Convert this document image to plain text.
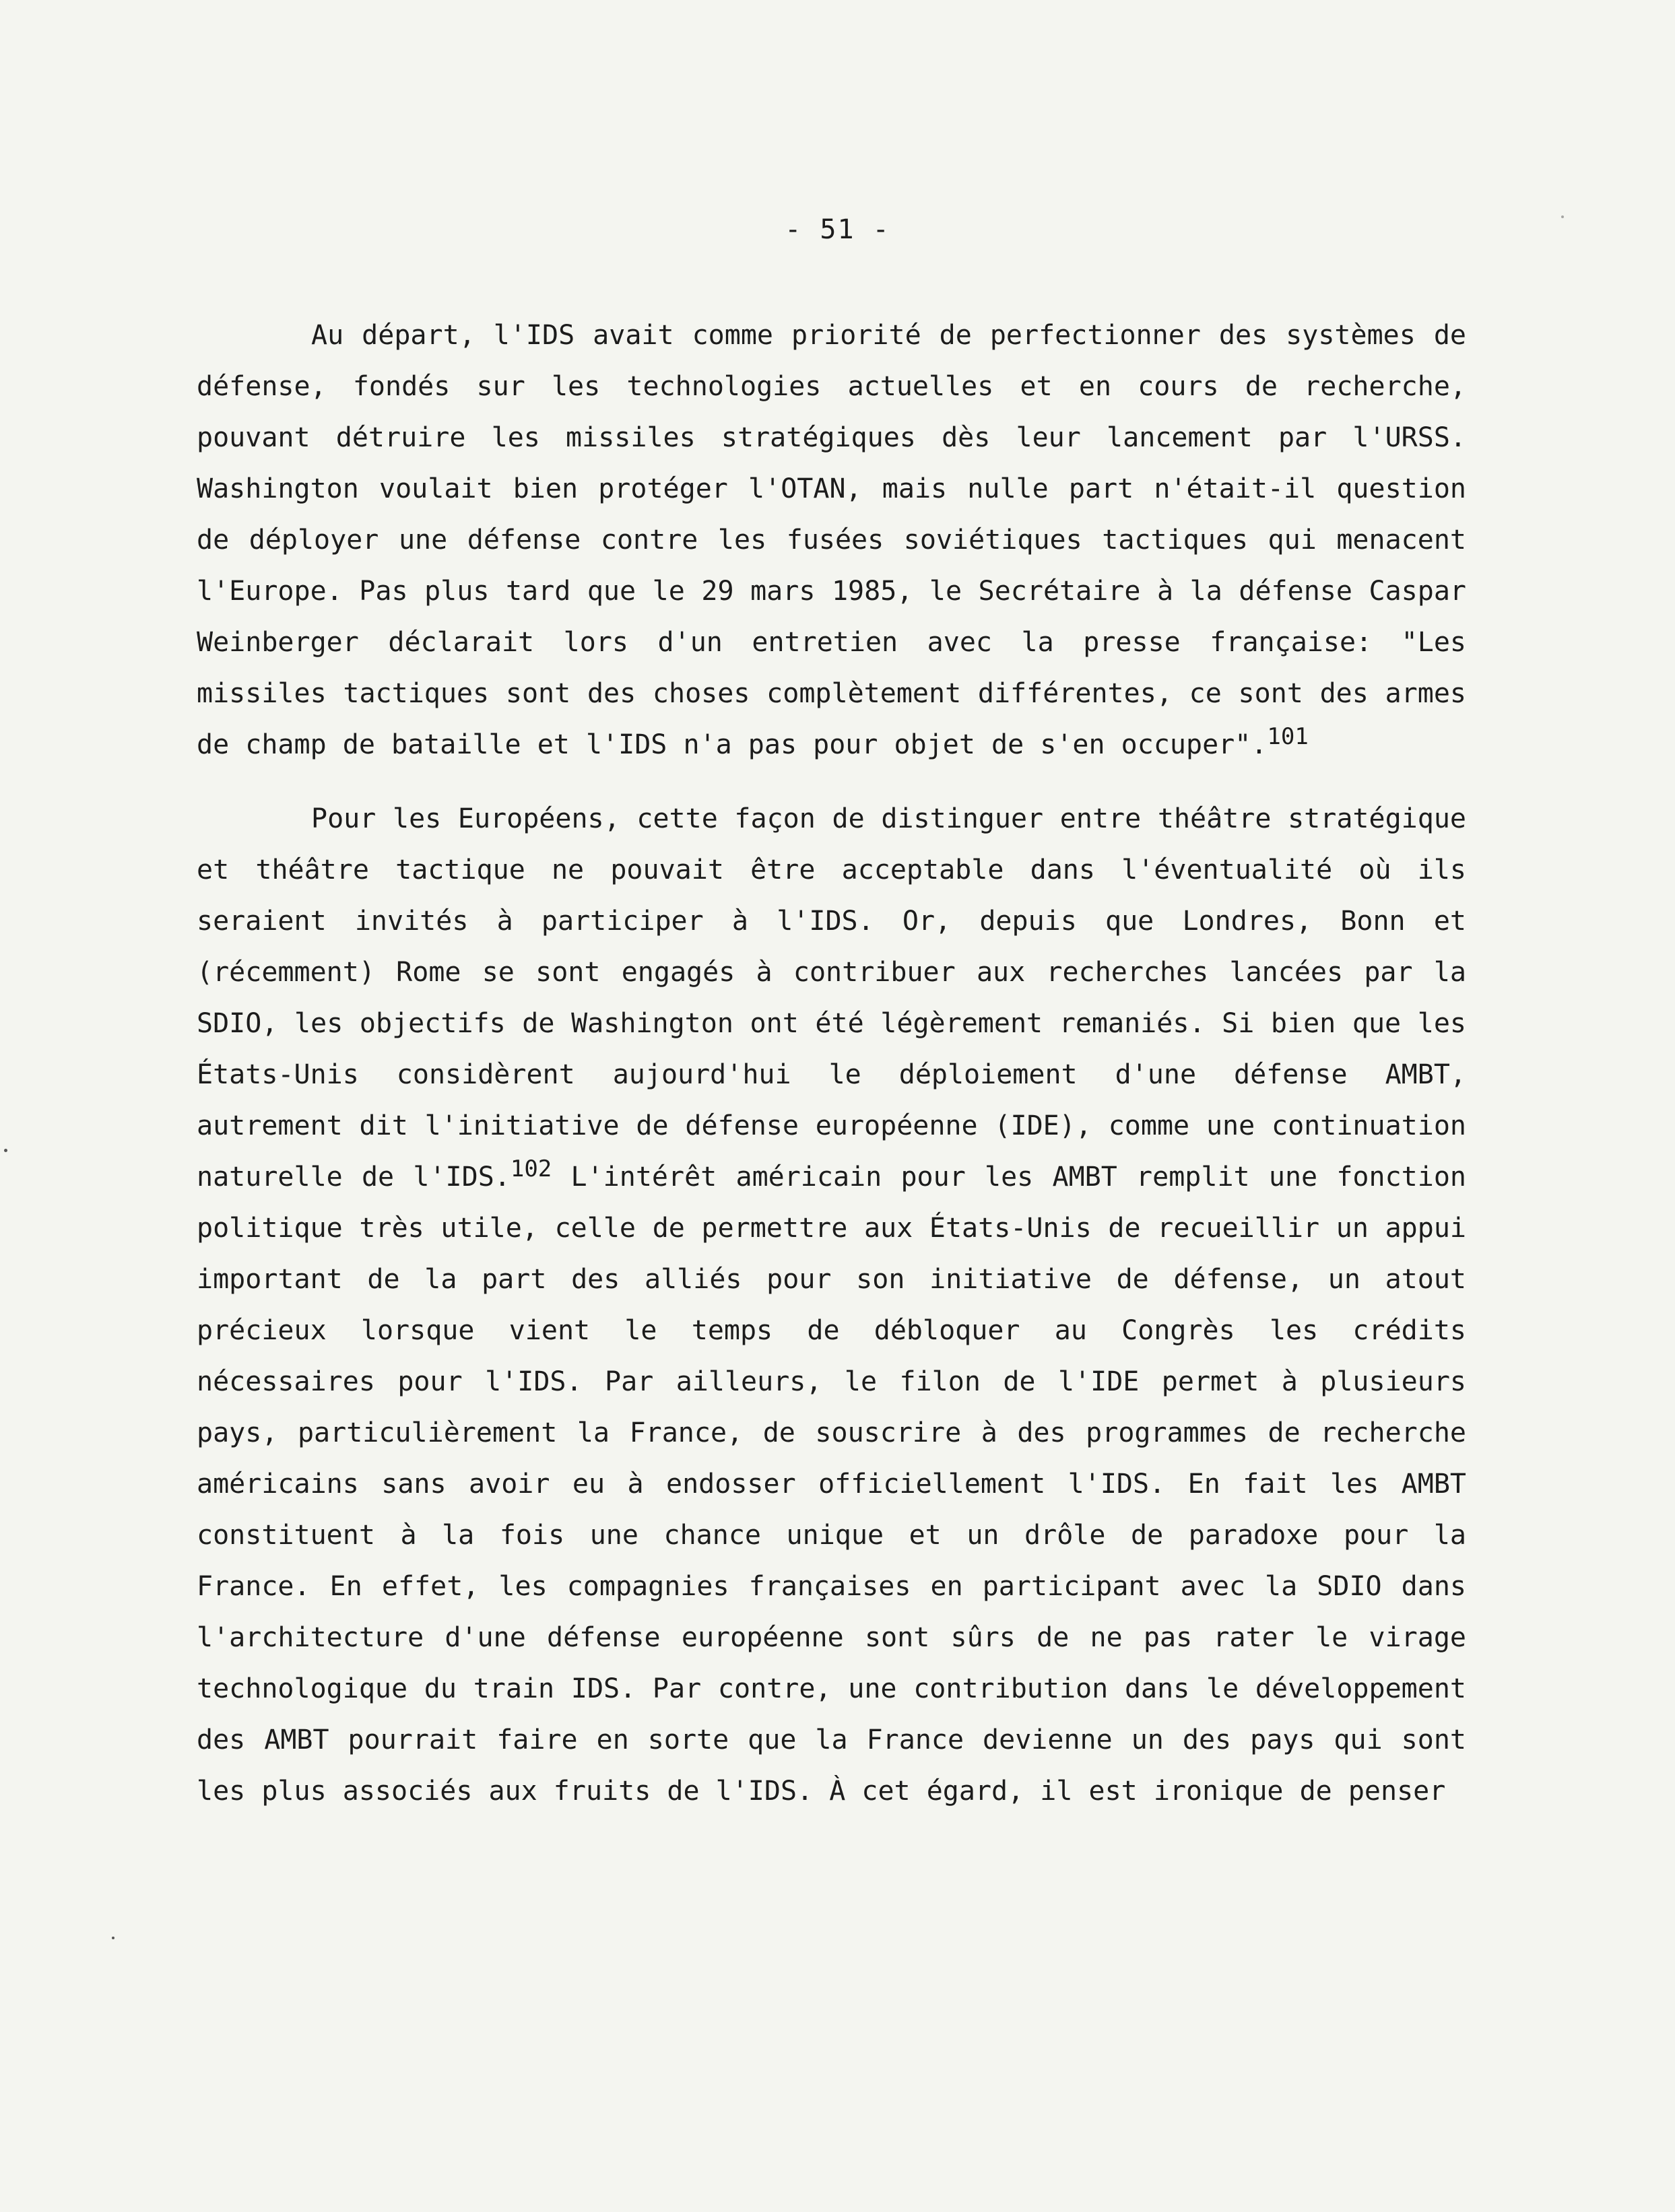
- 51 -

Au départ, l'IDS avait comme priorité de perfectionner des systèmes de défense, fondés sur les technologies actuelles et en cours de recherche, pouvant détruire les missiles stratégiques dès leur lancement par l'URSS. Washington voulait bien protéger l'OTAN, mais nulle part n'était-il question de déployer une défense contre les fusées soviétiques tactiques qui menacent l'Europe. Pas plus tard que le 29 mars 1985, le Secrétaire à la défense Caspar Weinberger déclarait lors d'un entretien avec la presse française: "Les missiles tactiques sont des choses complètement différentes, ce sont des armes de champ de bataille et l'IDS n'a pas pour objet de s'en occuper".$^{101}$

Pour les Européens, cette façon de distinguer entre théâtre stratégique et théâtre tactique ne pouvait être acceptable dans l'éventualité où ils seraient invités à participer à l'IDS. Or, depuis que Londres, Bonn et (récemment) Rome se sont engagés à contribuer aux recherches lancées par la SDIO, les objectifs de Washington ont été légèrement remaniés. Si bien que les États-Unis considèrent aujourd'hui le déploiement d'une défense AMBT, autrement dit l'initiative de défense européenne (IDE), comme une continuation naturelle de l'IDS.$^{102}$ L'intérêt américain pour les AMBT remplit une fonction politique très utile, celle de permettre aux États-Unis de recueillir un appui important de la part des alliés pour son initiative de défense, un atout précieux lorsque vient le temps de débloquer au Congrès les crédits nécessaires pour l'IDS. Par ailleurs, le filon de l'IDE permet à plusieurs pays, particulièrement la France, de souscrire à des programmes de recherche américains sans avoir eu à endosser officiellement l'IDS. En fait les AMBT constituent à la fois une chance unique et un drôle de paradoxe pour la France. En effet, les compagnies françaises en participant avec la SDIO dans l'architecture d'une défense européenne sont sûrs de ne pas rater le virage technologique du train IDS. Par contre, une contribution dans le développement des AMBT pourrait faire en sorte que la France devienne un des pays qui sont les plus associés aux fruits de l'IDS. À cet égard, il est ironique de penser
